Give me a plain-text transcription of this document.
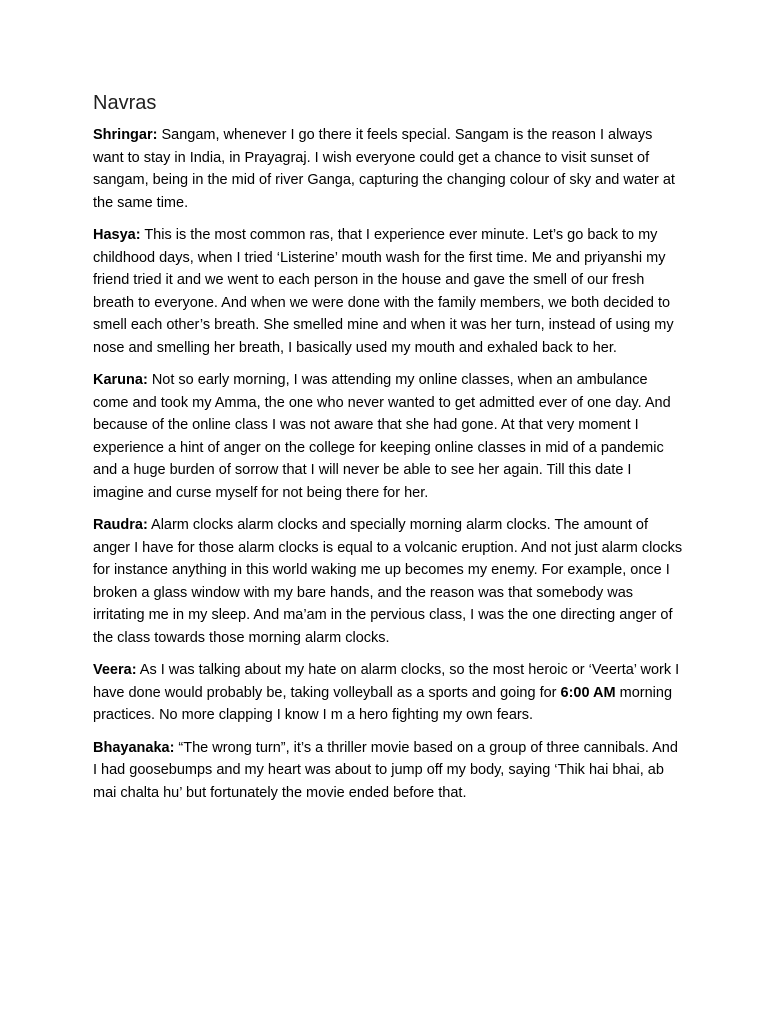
Navras

Shringar: Sangam, whenever I go there it feels special. Sangam is the reason I always want to stay in India, in Prayagraj. I wish everyone could get a chance to visit sunset of sangam, being in the mid of river Ganga, capturing the changing colour of sky and water at the same time.

Hasya: This is the most common ras, that I experience ever minute. Let’s go back to my childhood days, when I tried ‘Listerine’ mouth wash for the first time. Me and priyanshi my friend tried it and we went to each person in the house and gave the smell of our fresh breath to everyone. And when we were done with the family members, we both decided to smell each other’s breath. She smelled mine and when it was her turn, instead of using my nose and smelling her breath, I basically used my mouth and exhaled back to her.

Karuna: Not so early morning, I was attending my online classes, when an ambulance come and took my Amma, the one who never wanted to get admitted ever of one day. And because of the online class I was not aware that she had gone. At that very moment I experience a hint of anger on the college for keeping online classes in mid of a pandemic and a huge burden of sorrow that I will never be able to see her again. Till this date I imagine and curse myself for not being there for her.

Raudra: Alarm clocks alarm clocks and specially morning alarm clocks. The amount of anger I have for those alarm clocks is equal to a volcanic eruption. And not just alarm clocks for instance anything in this world waking me up becomes my enemy. For example, once I broken a glass window with my bare hands, and the reason was that somebody was irritating me in my sleep. And ma’am in the pervious class, I was the one directing anger of the class towards those morning alarm clocks.

Veera: As I was talking about my hate on alarm clocks, so the most heroic or ‘Veerta’ work I have done would probably be, taking volleyball as a sports and going for 6:00 AM morning practices. No more clapping I know I m a hero fighting my own fears.

Bhayanaka: “The wrong turn”, it’s a thriller movie based on a group of three cannibals. And I had goosebumps and my heart was about to jump off my body, saying ‘Thik hai bhai, ab mai chalta hu’ but fortunately the movie ended before that.
